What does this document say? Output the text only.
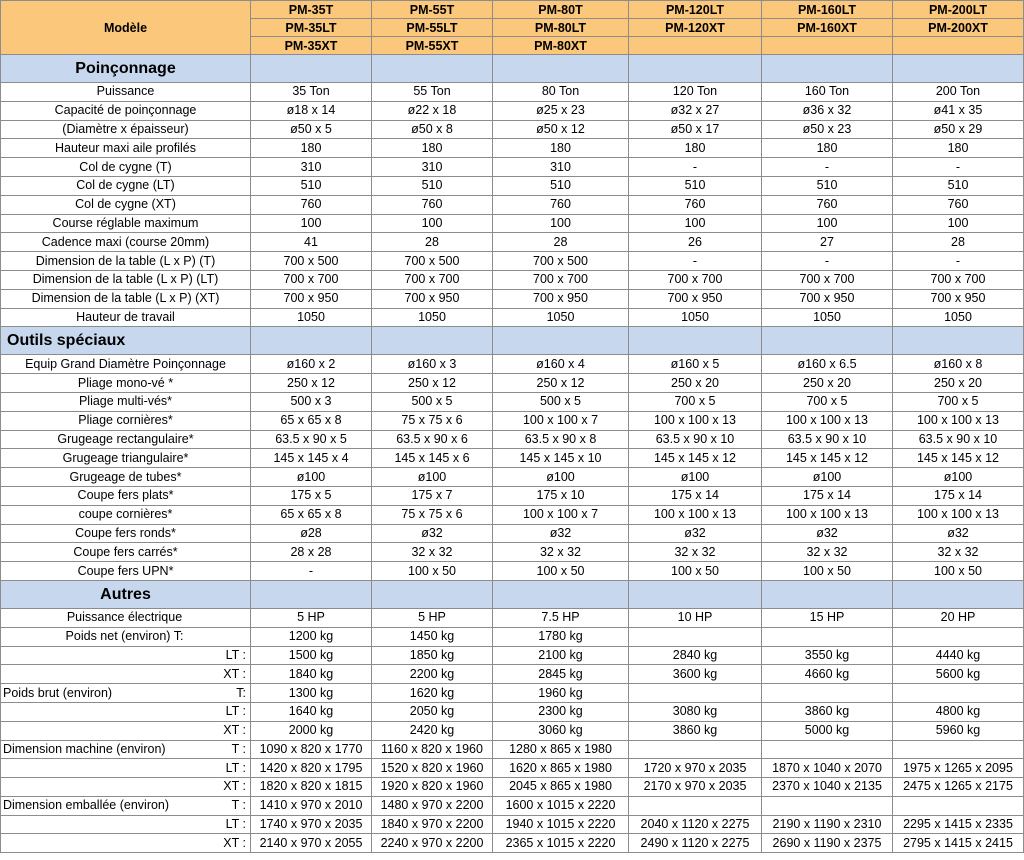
Modèle	PM-35T	PM-55T	PM-80T	PM-120LT	PM-160LT	PM-200LT
	PM-35LT	PM-55LT	PM-80LT	PM-120XT	PM-160XT	PM-200XT
	PM-35XT	PM-55XT	PM-80XT			
Poinçonnage						
Puissance	35 Ton	55 Ton	80 Ton	120 Ton	160 Ton	200 Ton
Capacité de poinçonnage	ø18 x 14	ø22 x 18	ø25 x 23	ø32 x 27	ø36 x 32	ø41 x 35
(Diamètre x épaisseur)	ø50 x 5	ø50 x 8	ø50 x 12	ø50 x 17	ø50 x 23	ø50 x 29
Hauteur maxi aile profilés	180	180	180	180	180	180
Col de cygne (T)	310	310	310	-	-	-
Col de cygne (LT)	510	510	510	510	510	510
Col de cygne (XT)	760	760	760	760	760	760
Course réglable maximum	100	100	100	100	100	100
Cadence maxi (course 20mm)	41	28	28	26	27	28
Dimension de la table (L x P) (T)	700 x 500	700 x 500	700 x 500	-	-	-
Dimension de la table (L x P) (LT)	700 x 700	700 x 700	700 x 700	700 x 700	700 x 700	700 x 700
Dimension de la table (L x P) (XT)	700 x 950	700 x 950	700 x 950	700 x 950	700 x 950	700 x 950
Hauteur de travail	1050	1050	1050	1050	1050	1050
Outils spéciaux						
Equip Grand Diamètre Poinçonnage	ø160 x 2	ø160 x 3	ø160 x 4	ø160 x 5	ø160 x 6.5	ø160 x 8
Pliage mono-vé *	250 x 12	250 x 12	250 x 12	250 x 20	250 x 20	250 x 20
Pliage multi-vés*	500 x 3	500 x 5	500 x 5	700 x 5	700 x 5	700 x 5
Pliage cornières*	65 x 65 x 8	75 x 75 x 6	100 x 100 x 7	100 x 100 x 13	100 x 100 x 13	100 x 100 x 13
Grugeage rectangulaire*	63.5 x 90 x 5	63.5 x 90 x 6	63.5 x 90 x 8	63.5 x 90 x 10	63.5 x 90 x 10	63.5 x 90 x 10
Grugeage triangulaire*	145 x 145 x 4	145 x 145 x 6	145 x 145 x 10	145 x 145 x 12	145 x 145 x 12	145 x 145 x 12
Grugeage de tubes*	ø100	ø100	ø100	ø100	ø100	ø100
Coupe fers plats*	175 x 5	175 x 7	175 x 10	175 x 14	175 x 14	175 x 14
coupe cornières*	65 x 65 x 8	75 x 75 x 6	100 x 100 x 7	100 x 100 x 13	100 x 100 x 13	100 x 100 x 13
Coupe fers ronds*	ø28	ø32	ø32	ø32	ø32	ø32
Coupe fers carrés*	28 x 28	32 x 32	32 x 32	32 x 32	32 x 32	32 x 32
Coupe fers UPN*	-	100 x 50	100 x 50	100 x 50	100 x 50	100 x 50
Autres						

Puissance électrique	5 HP	5 HP	7.5 HP	10 HP	15 HP	20 HP

Poids net (environ) T:	1200 kg	1450 kg	1780 kg			

LT :	1500 kg	1850 kg	2100 kg	2840 kg	3550 kg	4440 kg

XT :	1840 kg	2200 kg	2845 kg	3600 kg	4660 kg	5600 kg

Poids brut (environ) T:	1300 kg	1620 kg	1960 kg			

LT :	1640 kg	2050 kg	2300 kg	3080 kg	3860 kg	4800 kg

XT :	2000 kg	2420 kg	3060 kg	3860 kg	5000 kg	5960 kg

Dimension machine (environ) T :	1090 x 820 x 1770	1160 x 820 x 1960	1280 x 865 x 1980			

LT :	1420 x 820 x 1795	1520 x 820 x 1960	1620 x 865 x 1980	1720 x 970 x 2035	1870 x 1040 x 2070	1975 x 1265 x 2095

XT :	1820 x 820 x 1815	1920 x 820 x 1960	2045 x 865 x 1980	2170 x 970 x 2035	2370 x 1040 x 2135	2475 x 1265 x 2175

Dimension emballée (environ) T :	1410 x 970 x 2010	1480 x 970 x 2200	1600 x 1015 x 2220			

LT :	1740 x 970 x 2035	1840 x 970 x 2200	1940 x 1015 x 2220	2040 x 1120 x 2275	2190 x 1190 x 2310	2295 x 1415 x 2335

XT :	2140 x 970 x 2055	2240 x 970 x 2200	2365 x 1015 x 2220	2490 x 1120 x 2275	2690 x 1190 x 2375	2795 x 1415 x 2415
